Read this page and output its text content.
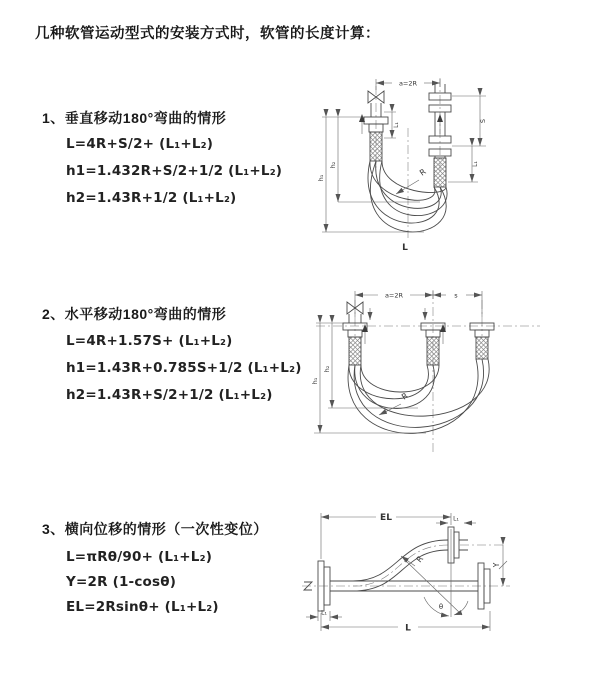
几种软管运动型式的安装方式时，软管的长度计算：
1、垂直移动180°弯曲的情形
L=4R+S/2+ (L₁+L₂)
h1=1.432R+S/2+1/2 (L₁+L₂)
h2=1.43R+1/2 (L₁+L₂)
a=2R
h₁
h₂
L₁
S
L₁
R
L
2、水平移动180°弯曲的情形
L=4R+1.57S+ (L₁+L₂)
h1=1.43R+0.785S+1/2 (L₁+L₂)
h2=1.43R+S/2+1/2 (L₁+L₂)
a=2R	s
h₁
h₂
R
3、横向位移的情形（一次性变位）
L=πRθ/90+ (L₁+L₂)
Y=2R (1-cosθ)
EL=2Rsinθ+ (L₁+L₂)
EL	L₁
Y
θ
R
L₁
L
